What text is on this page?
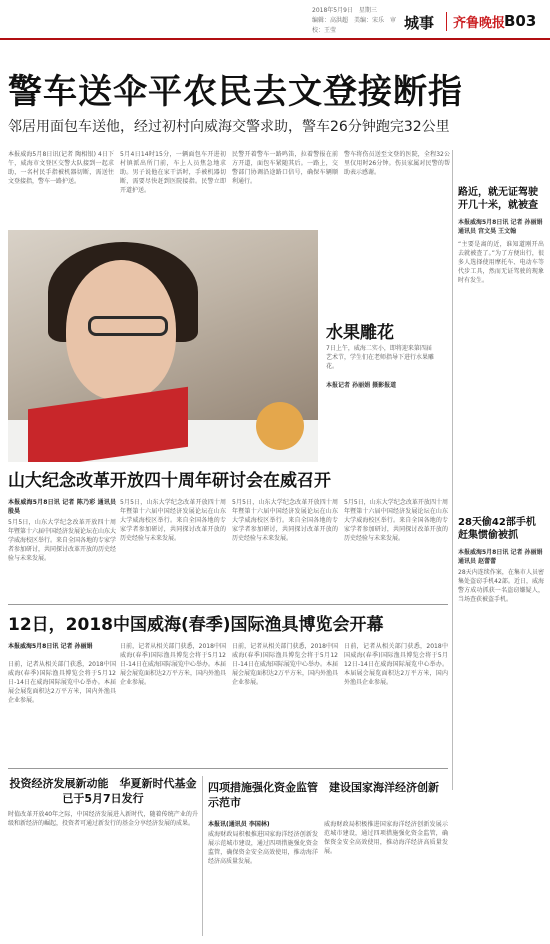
2018年5月9日　星期三
编辑：高洪超　美编：宋乐　审校：王莹	城事	齐鲁晚报
B03
警车送伞平农民去文登接断指
邻居用面包车送他，经过初村向威海交警求助，警车26分钟跑完32公里
本报威海5月8日讯(记者 陶相银) 4日下午，威海市文登区交警大队接到一起求助，一名村民手指被机器切断，需送往文登接指，警车一路护送。
5月4日14时15分，一辆面包车开进初村镇派出所门前，车上人员焦急地求助。男子说他在家干活时，手被机器切断，需要尽快赶到医院接指。民警立即开道护送。
民警开着警车一路鸣笛，拉着警报在前方开道，面包车紧随其后。一路上，交警部门协调沿途路口信号，确保车辆顺利通行。
警车将伤员送至文登的医院，全程32公里仅用时26分钟。伤员家属对民警的帮助表示感谢。
水果雕花
7日上午，威海二实小，即将迎来第四届艺术节，学生们在老师指导下进行水果雕花。
本报记者 孙丽娟 摄影报道
路近，就无证驾驶开几十米，就被查
本报威海5月8日讯 记者 孙丽娟 通讯员 宫文昊 王文翰
“主要是离的近，谁知道刚开出去就被查了。”为了方便出行，很多人选择使用摩托车、电动车等代步工具，然而无证驾驶的现象时有发生。
28天偷42部手机赶集惯偷被抓
本报威海5月8日讯 记者 孙丽娟 通讯员 赵蕾蕾
28天内连续作案，在集市人员密集处盗窃手机42部。近日，威海警方成功抓获一名盗窃嫌疑人，当场查获被盗手机。
山大纪念改革开放四十周年研讨会在威召开
本报威海5月8日讯 记者 陈乃彩 通讯员 殷昊
5月5日，山东大学纪念改革开放四十周年暨第十六届中国经济发展论坛在山东大学威海校区举行。来自全国各地的专家学者参加研讨，共同探讨改革开放的历史经验与未来发展。
5月5日，山东大学纪念改革开放四十周年暨第十六届中国经济发展论坛在山东大学威海校区举行。来自全国各地的专家学者参加研讨，共同探讨改革开放的历史经验与未来发展。
5月5日，山东大学纪念改革开放四十周年暨第十六届中国经济发展论坛在山东大学威海校区举行。来自全国各地的专家学者参加研讨，共同探讨改革开放的历史经验与未来发展。
5月5日，山东大学纪念改革开放四十周年暨第十六届中国经济发展论坛在山东大学威海校区举行。来自全国各地的专家学者参加研讨，共同探讨改革开放的历史经验与未来发展。
12日，2018中国威海(春季)国际渔具博览会开幕
本报威海5月8日讯 记者 孙丽娟
日前，记者从相关部门获悉，2018中国威海(春季)国际渔具博览会将于5月12日-14日在威海国际展览中心举办。本届展会展览面积达2万平方米，国内外渔具企业参展。
日前，记者从相关部门获悉，2018中国威海(春季)国际渔具博览会将于5月12日-14日在威海国际展览中心举办。本届展会展览面积达2万平方米，国内外渔具企业参展。
日前，记者从相关部门获悉，2018中国威海(春季)国际渔具博览会将于5月12日-14日在威海国际展览中心举办。本届展会展览面积达2万平方米，国内外渔具企业参展。
日前，记者从相关部门获悉，2018中国威海(春季)国际渔具博览会将于5月12日-14日在威海国际展览中心举办。本届展会展览面积达2万平方米，国内外渔具企业参展。
投资经济发展新动能　华夏新时代基金已于5月7日发行
时值改革开放40年之际，中国经济发展进入新时代，随着传统产业的升级和新经济的崛起，投资者可通过新发行的基金分享经济发展的成果。
四项措施强化资金监管　建设国家海洋经济创新示范市
本报讯(通讯员 李国林)
威海财政局积极推进国家海洋经济创新发展示范城市建设，通过四项措施强化资金监管，确保资金安全高效使用，推动海洋经济高质量发展。
威海财政局积极推进国家海洋经济创新发展示范城市建设，通过四项措施强化资金监管，确保资金安全高效使用，推动海洋经济高质量发展。
